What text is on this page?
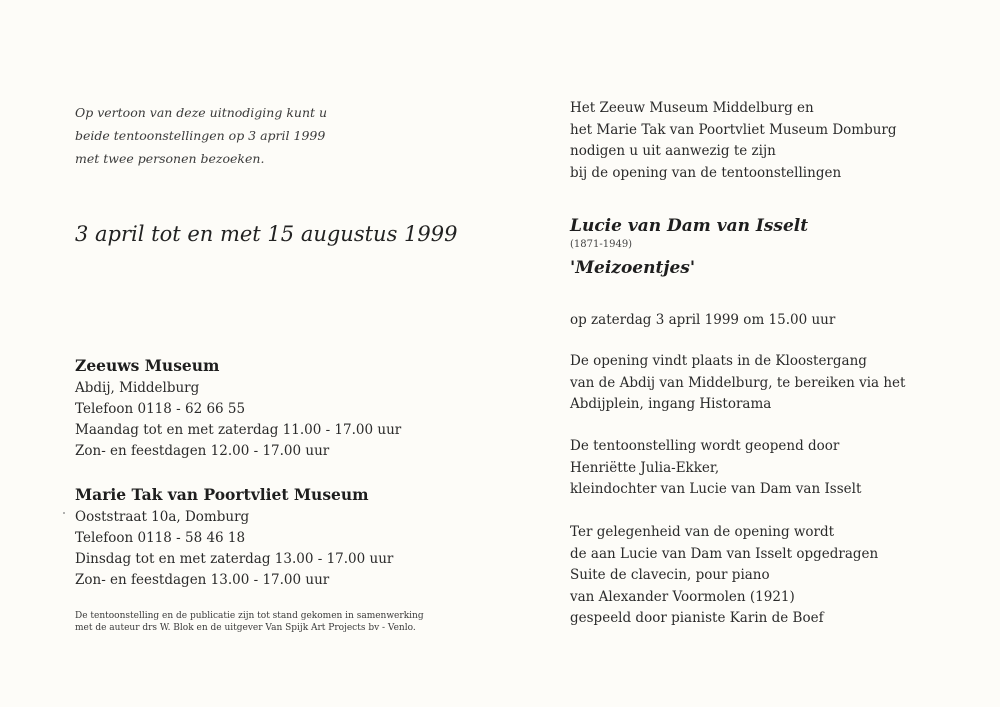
Op vertoon van deze uitnodiging kunt u
beide tentoonstellingen op 3 april 1999
met twee personen bezoeken.
3 april tot en met 15 augustus 1999
Zeeuws Museum
Abdij, Middelburg
Telefoon 0118 - 62 66 55
Maandag tot en met zaterdag 11.00 - 17.00 uur
Zon- en feestdagen 12.00 - 17.00 uur
Marie Tak van Poortvliet Museum
Ooststraat 10a, Domburg
Telefoon 0118 - 58 46 18
Dinsdag tot en met zaterdag 13.00 - 17.00 uur
Zon- en feestdagen 13.00 - 17.00 uur
De tentoonstelling en de publicatie zijn tot stand gekomen in samenwerking
met de auteur drs W. Blok en de uitgever Van Spijk Art Projects bv - Venlo.
Het Zeeuw Museum Middelburg en
het Marie Tak van Poortvliet Museum Domburg
nodigen u uit aanwezig te zijn
bij de opening van de tentoonstellingen
Lucie van Dam van Isselt
(1871-1949)
'Meizoentjes'
op zaterdag 3 april 1999 om 15.00 uur
De opening vindt plaats in de Kloostergang
van de Abdij van Middelburg, te bereiken via het
Abdijplein, ingang Historama
De tentoonstelling wordt geopend door
Henriëtte Julia-Ekker,
kleindochter van Lucie van Dam van Isselt
Ter gelegenheid van de opening wordt
de aan Lucie van Dam van Isselt opgedragen
Suite de clavecin, pour piano
van Alexander Voormolen (1921)
gespeeld door pianiste Karin de Boef
